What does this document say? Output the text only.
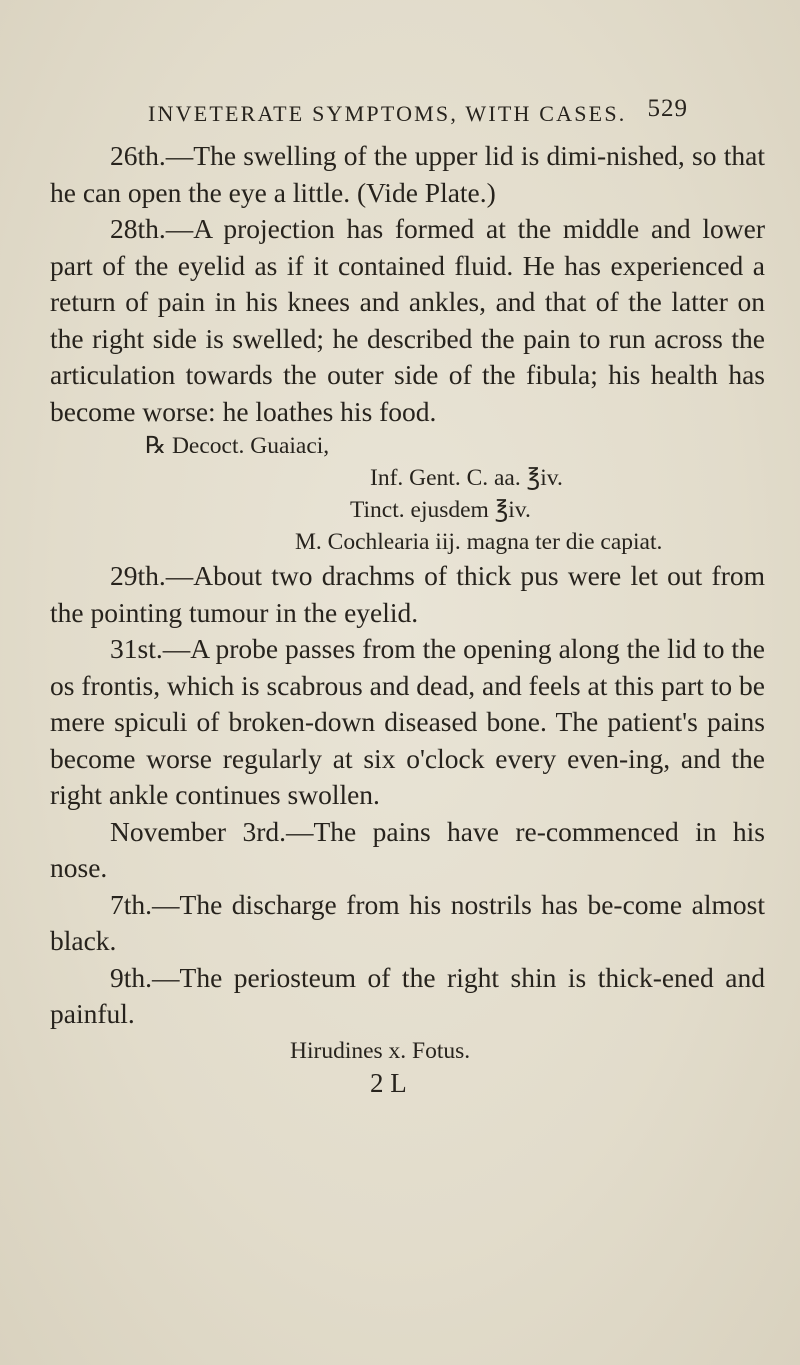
INVETERATE SYMPTOMS, WITH CASES. 529

26th.—The swelling of the upper lid is dimi-nished, so that he can open the eye a little. (Vide Plate.)

28th.—A projection has formed at the middle and lower part of the eyelid as if it contained fluid. He has experienced a return of pain in his knees and ankles, and that of the latter on the right side is swelled; he described the pain to run across the articulation towards the outer side of the fibula; his health has become worse: he loathes his food.

℞ Decoct. Guaiaci,

Inf. Gent. C. aa. ℥iv.

Tinct. ejusdem ℥iv.

M. Cochlearia iij. magna ter die capiat.

29th.—About two drachms of thick pus were let out from the pointing tumour in the eyelid.

31st.—A probe passes from the opening along the lid to the os frontis, which is scabrous and dead, and feels at this part to be mere spiculi of broken-down diseased bone. The patient's pains become worse regularly at six o'clock every even-ing, and the right ankle continues swollen.

November 3rd.—The pains have re-commenced in his nose.

7th.—The discharge from his nostrils has be-come almost black.

9th.—The periosteum of the right shin is thick-ened and painful.

Hirudines x. Fotus.

2 L
